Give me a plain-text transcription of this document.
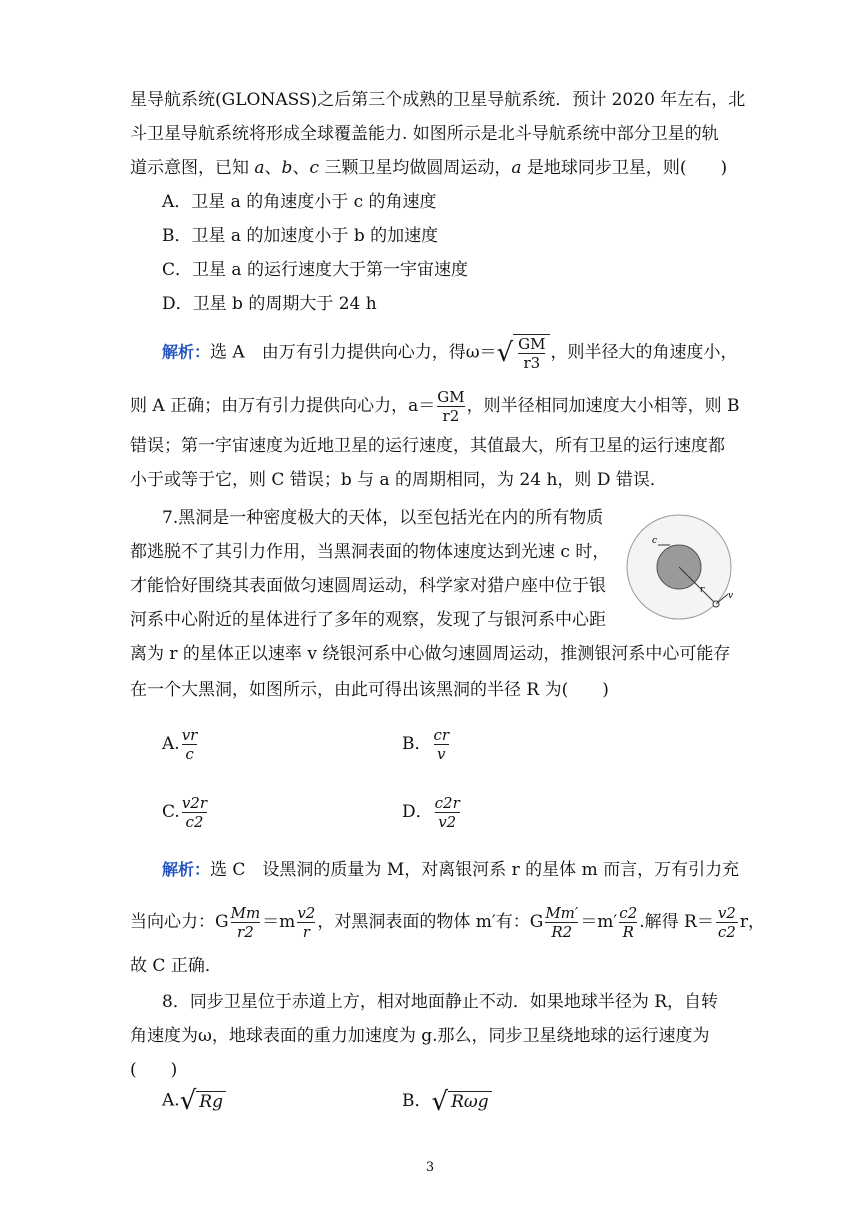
星导航系统(GLONASS)之后第三个成熟的卫星导航系统．预计 2020 年左右，北
斗卫星导航系统将形成全球覆盖能力. 如图所示是北斗导航系统中部分卫星的轨
道示意图，已知 a、b、c 三颗卫星均做圆周运动，a 是地球同步卫星，则(　　)
A．卫星 a 的角速度小于 c 的角速度
B．卫星 a 的加速度小于 b 的加速度
C．卫星 a 的运行速度大于第一宇宙速度
D．卫星 b 的周期大于 24 h
解析：选 A　由万有引力提供向心力，得$\omega=√ \frac{GM}{r3}$ ，则半径大的角速度小，
则 A 正确；由万有引力提供向心力，$a= \frac{GM}{r2}$ ，则半径相同加速度大小相等，则 B
错误；第一宇宙速度为近地卫星的运行速度，其值最大，所有卫星的运行速度都
小于或等于它，则 C 错误；b 与 a 的周期相同，为 24 h，则 D 错误．
7.黑洞是一种密度极大的天体，以至包括光在内的所有物质
都逃脱不了其引力作用，当黑洞表面的物体速度达到光速 c 时，
才能恰好围绕其表面做匀速圆周运动，科学家对猎户座中位于银
河系中心附近的星体进行了多年的观察，发现了与银河系中心距
离为 r 的星体正以速率 v 绕银河系中心做匀速圆周运动，推测银河系中心可能存
在一个大黑洞，如图所示，由此可得出该黑洞的半径 R 为(　　)
c
r
v
A. $\frac{vr}{c}$	B． $\frac{cr}{v}$
C. $\frac{v2r}{c2}$	D． $\frac{c2r}{v2}$
解析：选 C　设黑洞的质量为 M，对离银河系 r 的星体 m 而言，万有引力充
当向心力：G $\frac{Mm}{r2} =m \frac{v2}{r}$ ，对黑洞表面的物体 m′有：G $\frac{Mm'}{R2} =m' \frac{c2}{R}$ .解得 $R= \frac{v2}{c2}$ r，
故 C 正确．
8．同步卫星位于赤道上方，相对地面静止不动．如果地球半径为 R，自转
角速度为ω，地球表面的重力加速度为 g.那么，同步卫星绕地球的运行速度为
(　　)
A.√ Rg	B．√ Rωg
3
